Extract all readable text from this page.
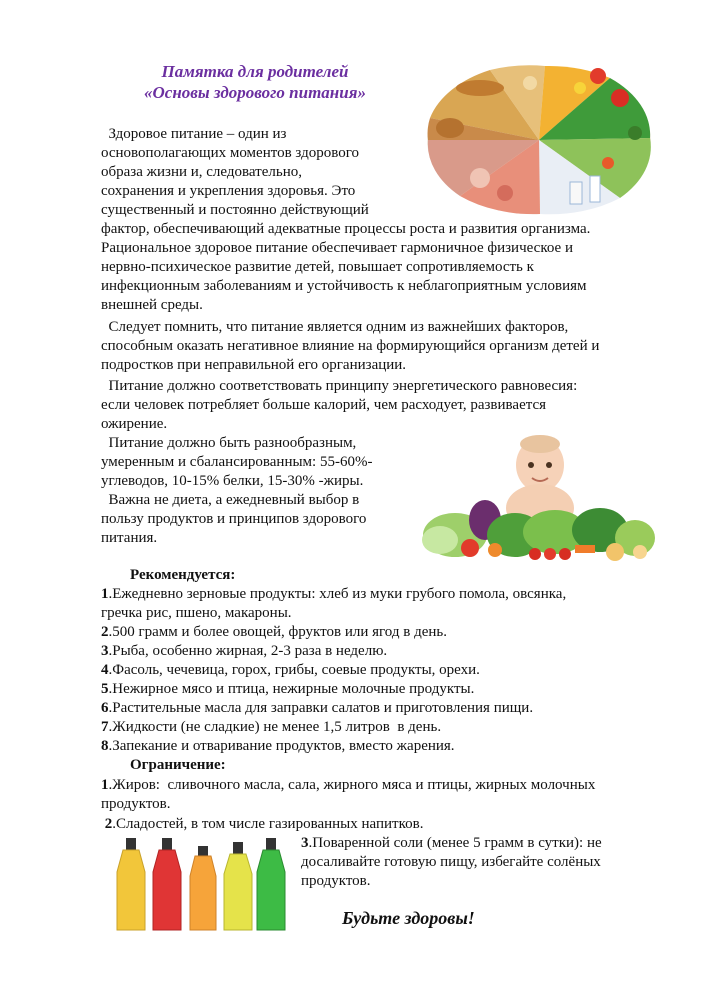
Памятка для родителей
«Основы здорового питания»
Здоровое питание – один из
основополагающих моментов здорового
образа жизни и, следовательно,
сохранения и укрепления здоровья. Это
существенный и постоянно действующий
фактор, обеспечивающий адекватные процессы роста и развития организма.
Рациональное здоровое питание обеспечивает гармоничное физическое и
нервно-психическое развитие детей, повышает сопротивляемость к
инфекционным заболеваниям и устойчивость к неблагоприятным условиям
внешней среды.
Следует помнить, что питание является одним из важнейших факторов,
способным оказать негативное влияние на формирующийся организм детей и
подростков при неправильной его организации.
Питание должно соответствовать принципу энергетического равновесия:
если человек потребляет больше калорий, чем расходует, развивается
ожирение.
Питание должно быть разнообразным,
умеренным и сбалансированным: 55-60%-
углеводов, 10-15% белки, 15-30% -жиры.
Важна не диета, а ежедневный выбор в
пользу продуктов и принципов здорового
питания.
Рекомендуется:
1.Ежедневно зерновые продукты: хлеб из муки грубого помола, овсянка,
гречка рис, пшено, макароны.
2.500 грамм и более овощей, фруктов или ягод в день.
3.Рыба, особенно жирная, 2-3 раза в неделю.
4.Фасоль, чечевица, горох, грибы, соевые продукты, орехи.
5.Нежирное мясо и птица, нежирные молочные продукты.
6.Растительные масла для заправки салатов и приготовления пищи.
7.Жидкости (не сладкие) не менее 1,5 литров  в день.
8.Запекание и отваривание продуктов, вместо жарения.
Ограничение:
1.Жиров:  сливочного масла, сала, жирного мяса и птицы, жирных молочных
продуктов.
2.Сладостей, в том числе газированных напитков.
3.Поваренной соли (менее 5 грамм в сутки): не
досаливайте готовую пищу, избегайте солёных
продуктов.
Будьте здоровы!
